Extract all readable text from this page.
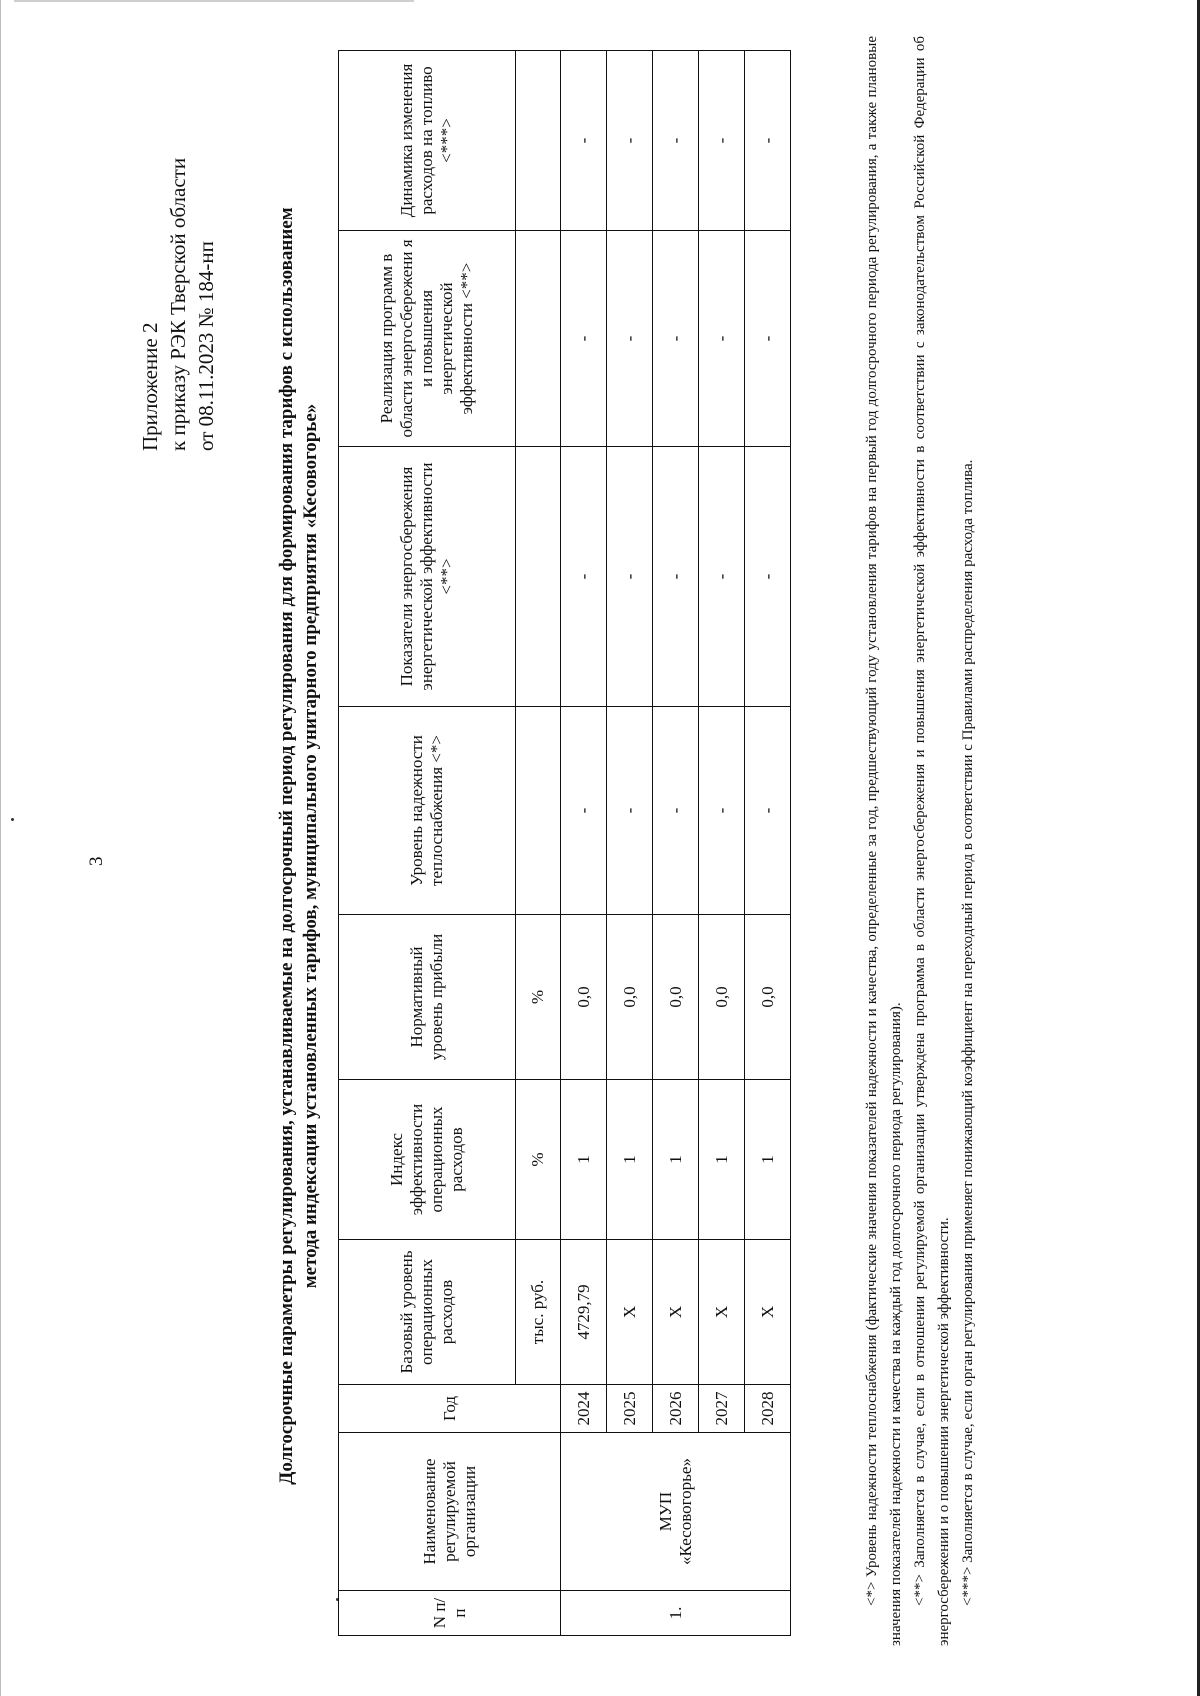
3
Приложение 2 к приказу РЭК Тверской области от 08.11.2023 № 184-нп	Долгосрочные параметры регулирования, устанавливаемые на долгосрочный период регулирования для формирования тарифов с использованием метода индексации установленных тарифов, муниципального унитарного предприятия «Кесовогорье»
N п/п	Наименование регулируемой организации	Год	Базовый уровень операционных расходов	Индекс эффективности операционных расходов	Нормативный уровень прибыли	Уровень надежности теплоснабжения <*>	Показатели энергосбережения энергетической эффективности <**>	Реализация программ в области энергосбережени я и повышения энергетической эффективности <**>	Динамика изменения расходов на топливо <***>
			тыс. руб.	%	%				
1.	МУП «Кесовогорье»	2024	4729,79	1	0,0	-	-	-	-
		2025	Х	1	0,0	-	-	-	-
		2026	Х	1	0,0	-	-	-	-
		2027	Х	1	0,0	-	-	-	-
		2028	Х	1	0,0	-	-	-	-	<*> Уровень надежности теплоснабжения (фактические значения показателей надежности и качества, определенные за год, предшествующий году установления тарифов на первый год долгосрочного периода регулирования, а также плановые значения показателей надежности и качества на каждый год долгосрочного периода регулирования). <**> Заполняется в случае, если в отношении регулируемой организации утверждена программа в области энергосбережения и повышения энергетической эффективности в соответствии с законодательством Российской Федерации об энергосбережении и о повышении энергетической эффективности. <***> Заполняется в случае, если орган регулирования применяет понижающий коэффициент на переходный период в соответствии с Правилами распределения расхода топлива.
